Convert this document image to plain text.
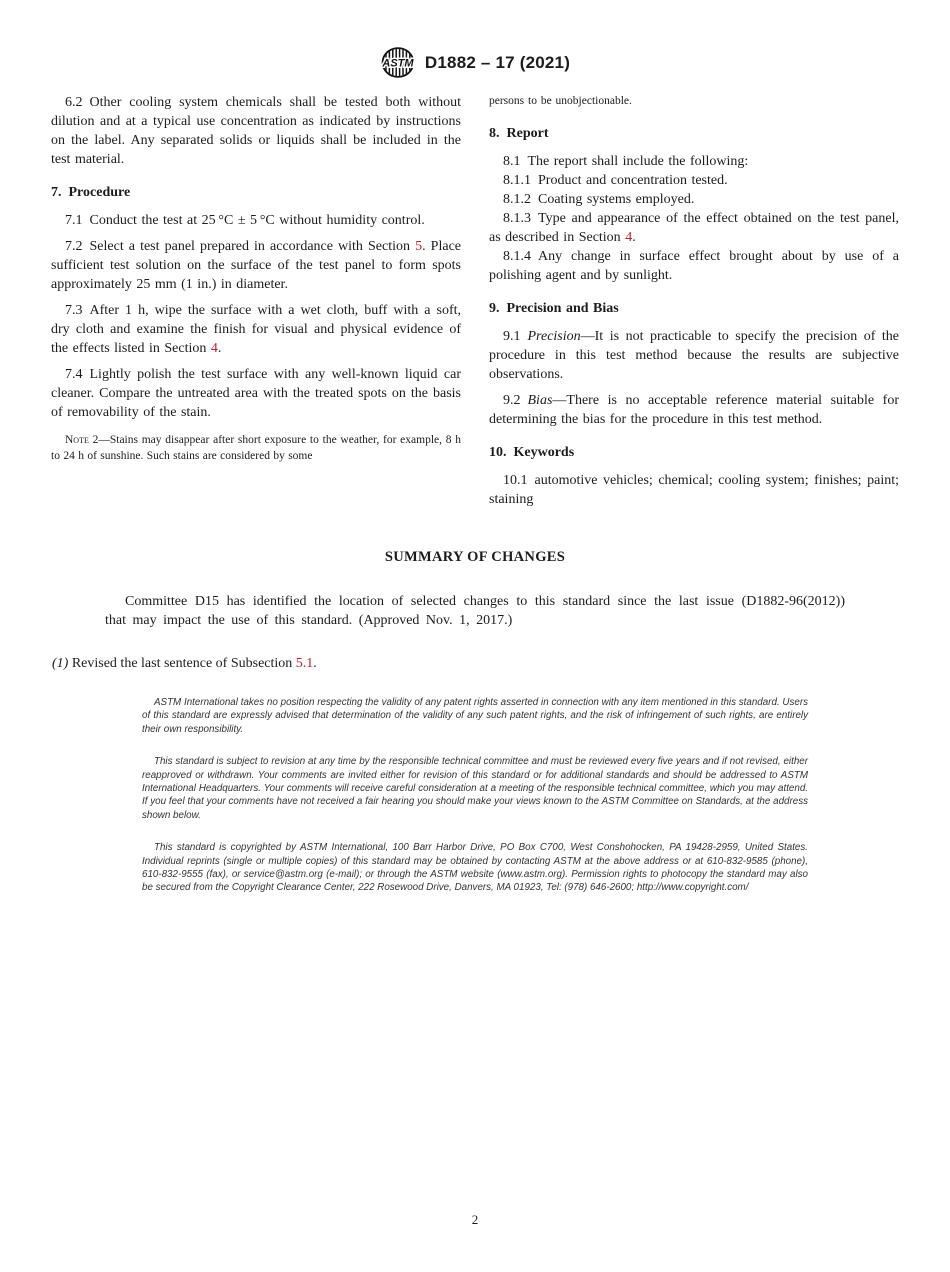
ASTM D1882 – 17 (2021)

6.2 Other cooling system chemicals shall be tested both without dilution and at a typical use concentration as indicated by instructions on the label. Any separated solids or liquids shall be included in the test material.

7. Procedure

7.1 Conduct the test at 25 °C ± 5 °C without humidity control.

7.2 Select a test panel prepared in accordance with Section 5. Place sufficient test solution on the surface of the test panel to form spots approximately 25 mm (1 in.) in diameter.

7.3 After 1 h, wipe the surface with a wet cloth, buff with a soft, dry cloth and examine the finish for visual and physical evidence of the effects listed in Section 4.

7.4 Lightly polish the test surface with any well-known liquid car cleaner. Compare the untreated area with the treated spots on the basis of removability of the stain.

Note 2—Stains may disappear after short exposure to the weather, for example, 8 h to 24 h of sunshine. Such stains are considered by some

persons to be unobjectionable.

8. Report

8.1 The report shall include the following:

8.1.1 Product and concentration tested.

8.1.2 Coating systems employed.

8.1.3 Type and appearance of the effect obtained on the test panel, as described in Section 4.

8.1.4 Any change in surface effect brought about by use of a polishing agent and by sunlight.

9. Precision and Bias

9.1 Precision—It is not practicable to specify the precision of the procedure in this test method because the results are subjective observations.

9.2 Bias—There is no acceptable reference material suitable for determining the bias for the procedure in this test method.

10. Keywords

10.1 automotive vehicles; chemical; cooling system; finishes; paint; staining

SUMMARY OF CHANGES

Committee D15 has identified the location of selected changes to this standard since the last issue (D1882-96(2012)) that may impact the use of this standard. (Approved Nov. 1, 2017.)

(1) Revised the last sentence of Subsection 5.1.

ASTM International takes no position respecting the validity of any patent rights asserted in connection with any item mentioned in this standard. Users of this standard are expressly advised that determination of the validity of any such patent rights, and the risk of infringement of such rights, are entirely their own responsibility.

This standard is subject to revision at any time by the responsible technical committee and must be reviewed every five years and if not revised, either reapproved or withdrawn. Your comments are invited either for revision of this standard or for additional standards and should be addressed to ASTM International Headquarters. Your comments will receive careful consideration at a meeting of the responsible technical committee, which you may attend. If you feel that your comments have not received a fair hearing you should make your views known to the ASTM Committee on Standards, at the address shown below.

This standard is copyrighted by ASTM International, 100 Barr Harbor Drive, PO Box C700, West Conshohocken, PA 19428-2959, United States. Individual reprints (single or multiple copies) of this standard may be obtained by contacting ASTM at the above address or at 610-832-9585 (phone), 610-832-9555 (fax), or service@astm.org (e-mail); or through the ASTM website (www.astm.org). Permission rights to photocopy the standard may also be secured from the Copyright Clearance Center, 222 Rosewood Drive, Danvers, MA 01923, Tel: (978) 646-2600; http://www.copyright.com/

2
